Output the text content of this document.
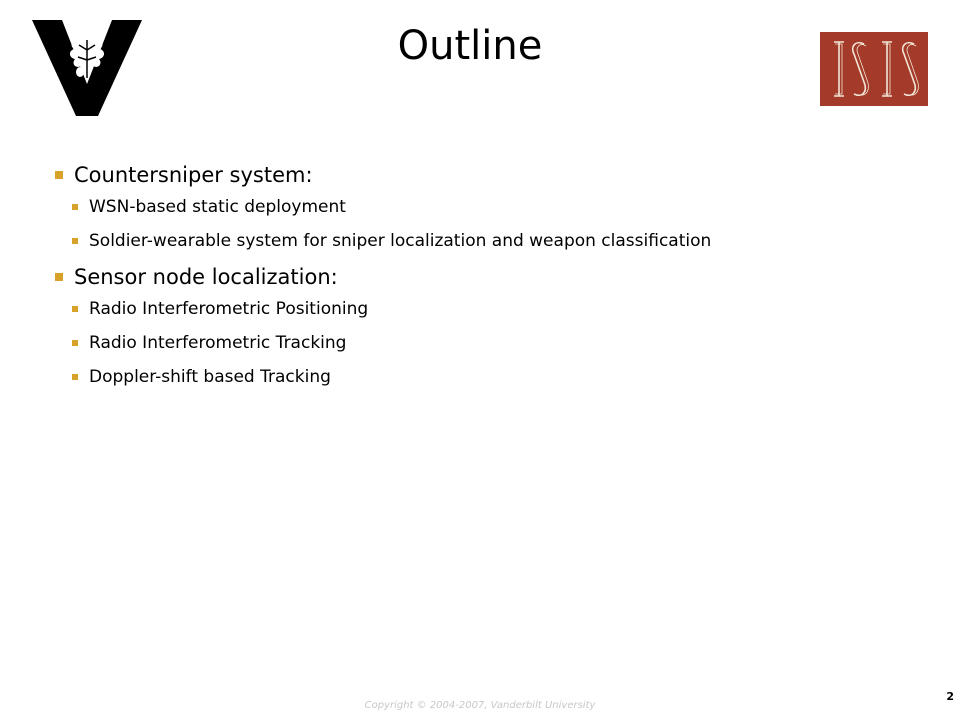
Outline
Countersniper system:
WSN-based static deployment
Soldier-wearable system for sniper localization and weapon classification
Sensor node localization:
Radio Interferometric Positioning
Radio Interferometric Tracking
Doppler-shift based Tracking
Copyright © 2004-2007, Vanderbilt University
2
